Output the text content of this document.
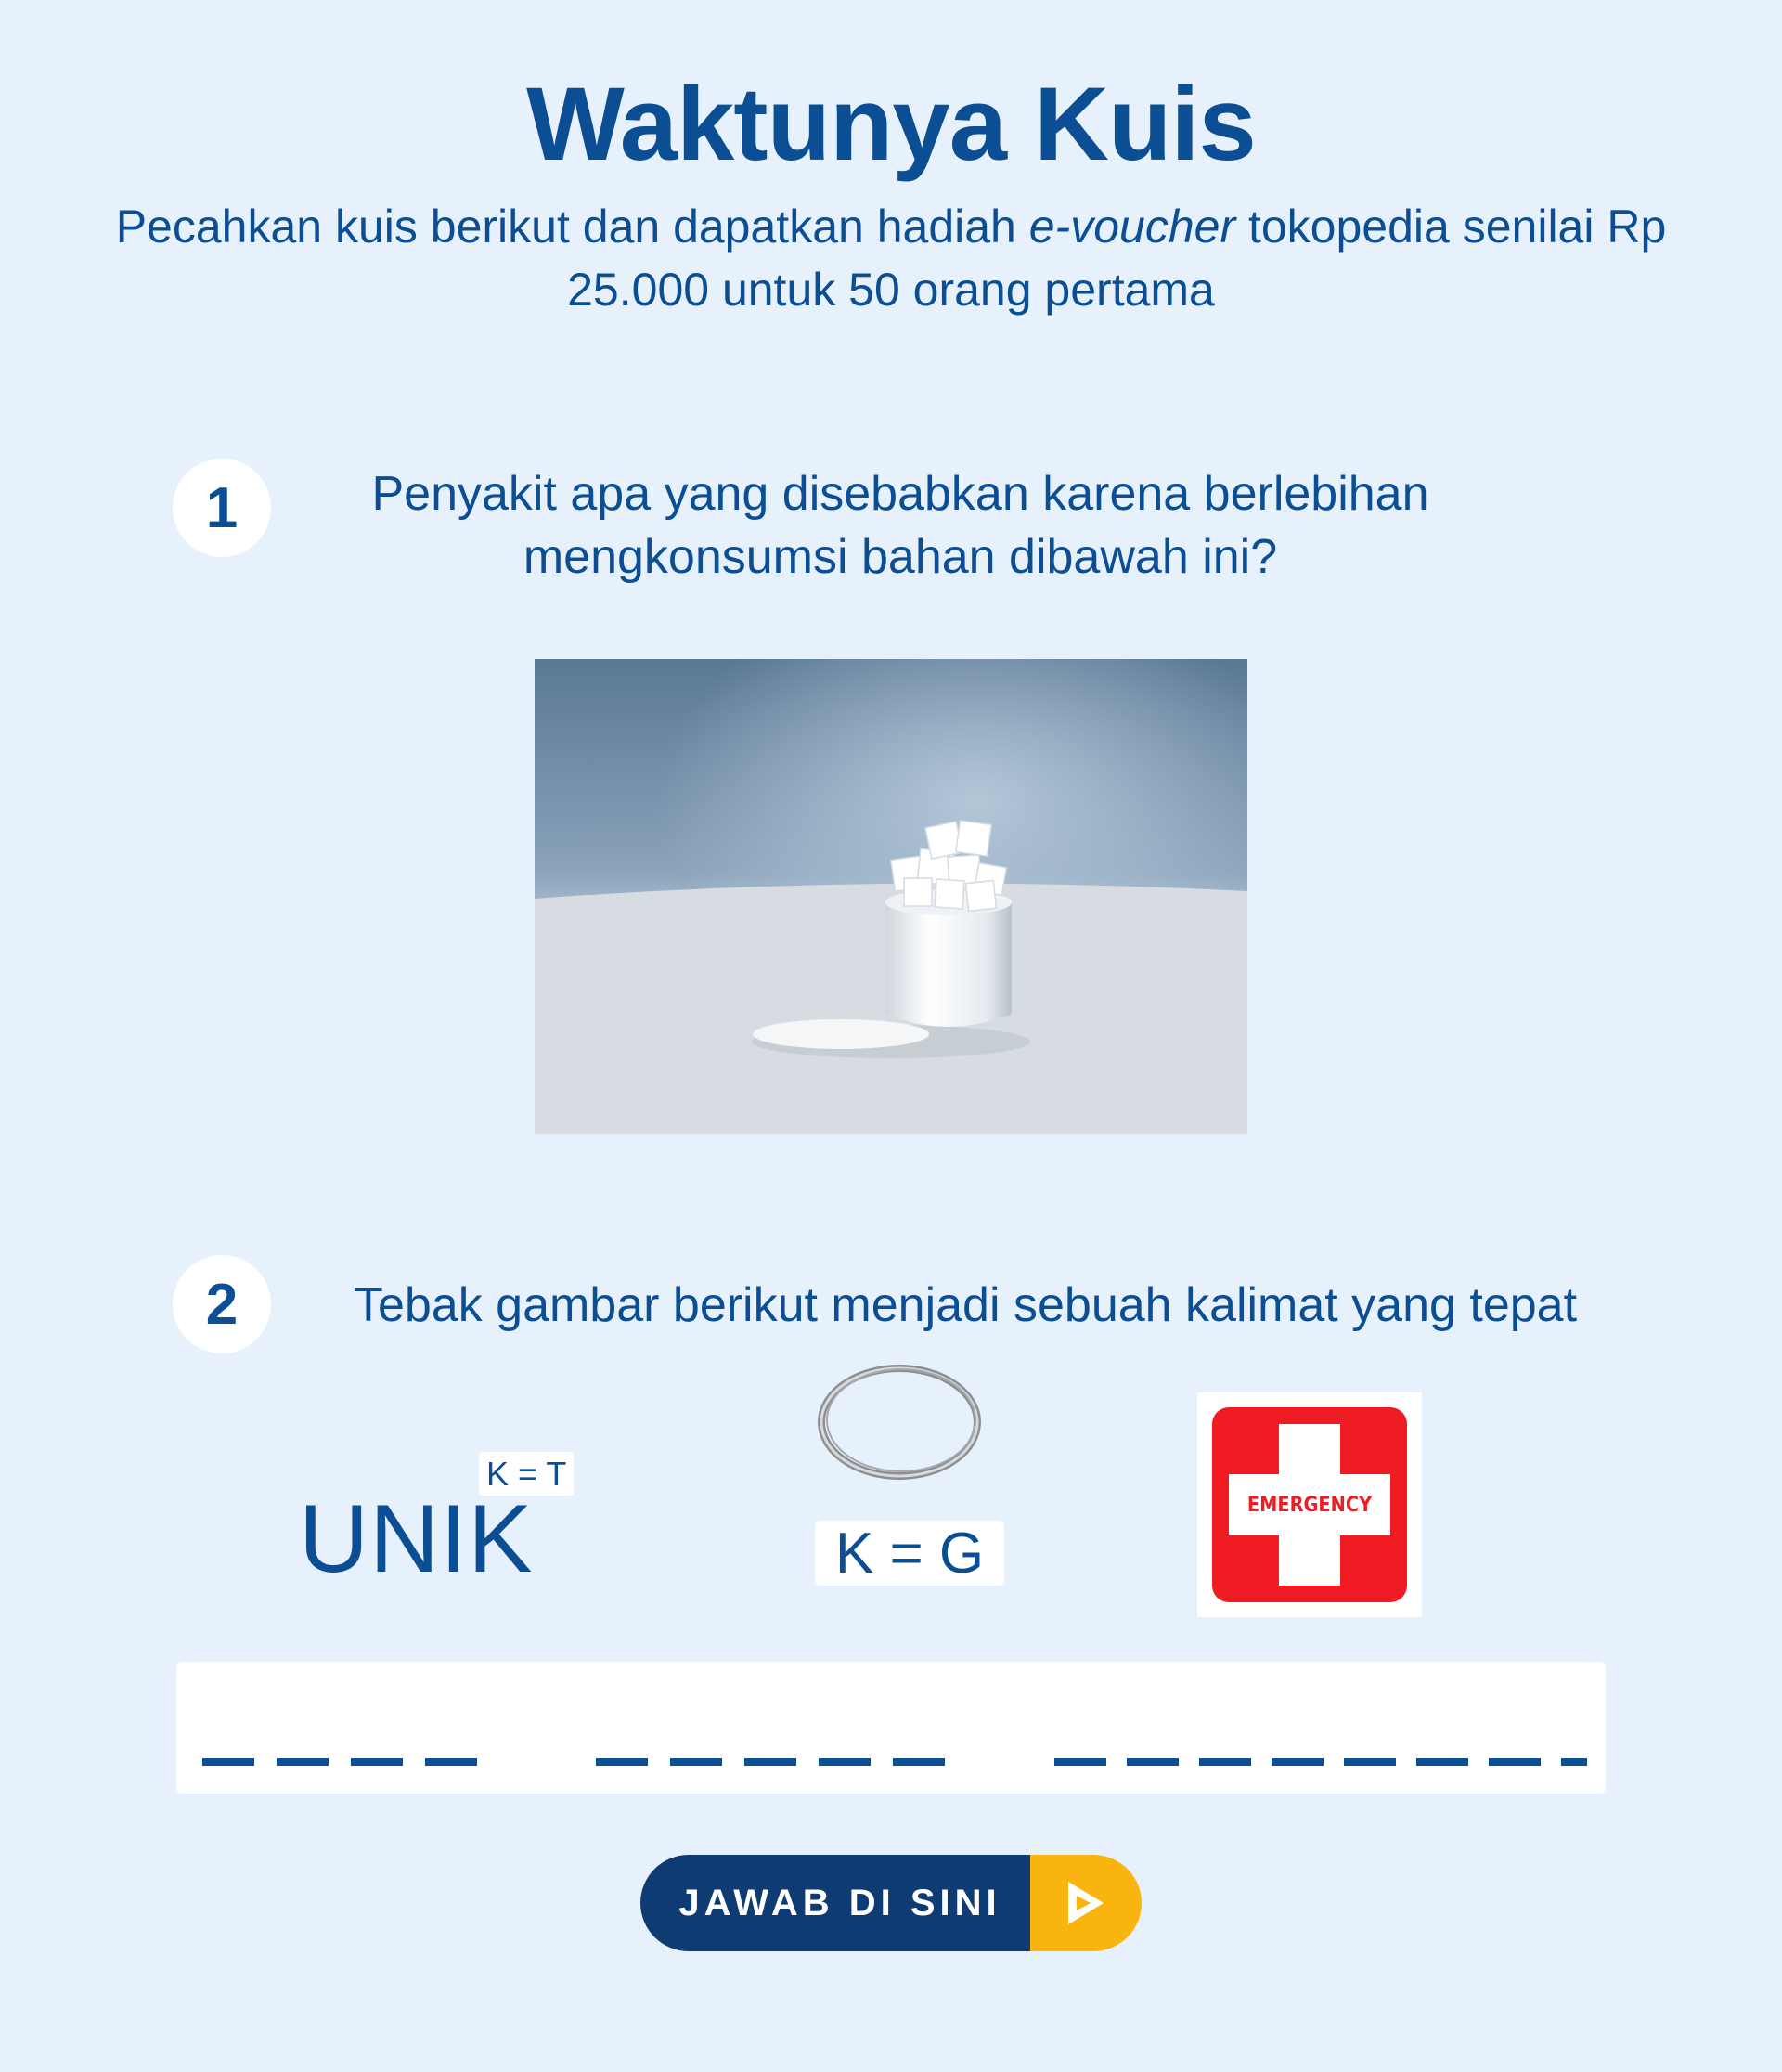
Waktunya Kuis
Pecahkan kuis berikut dan dapatkan hadiah e-voucher tokopedia senilai Rp 25.000 untuk 50 orang pertama
1	Penyakit apa yang disebabkan karena berlebihan mengkonsumsi bahan dibawah ini?
2	Tebak gambar berikut menjadi sebuah kalimat yang tepat
K = T
UNIK	K = G
EMERGENCY
JAWAB DI SINI
